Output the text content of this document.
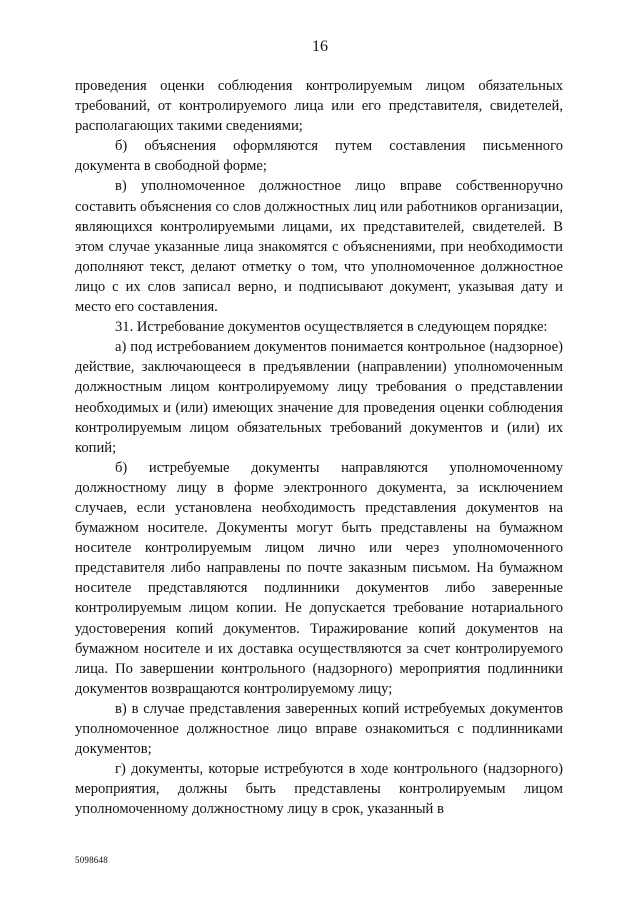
16

проведения оценки соблюдения контролируемым лицом обязательных требований, от контролируемого лица или его представителя, свидетелей, располагающих такими сведениями;

б) объяснения оформляются путем составления письменного документа в свободной форме;

в) уполномоченное должностное лицо вправе собственноручно составить объяснения со слов должностных лиц или работников организации, являющихся контролируемыми лицами, их представителей, свидетелей. В этом случае указанные лица знакомятся с объяснениями, при необходимости дополняют текст, делают отметку о том, что уполномоченное должностное лицо с их слов записал верно, и подписывают документ, указывая дату и место его составления.

31. Истребование документов осуществляется в следующем порядке:

а) под истребованием документов понимается контрольное (надзорное) действие, заключающееся в предъявлении (направлении) уполномоченным должностным лицом контролируемому лицу требования о представлении необходимых и (или) имеющих значение для проведения оценки соблюдения контролируемым лицом обязательных требований документов и (или) их копий;

б) истребуемые документы направляются уполномоченному должностному лицу в форме электронного документа, за исключением случаев, если установлена необходимость представления документов на бумажном носителе. Документы могут быть представлены на бумажном носителе контролируемым лицом лично или через уполномоченного представителя либо направлены по почте заказным письмом. На бумажном носителе представляются подлинники документов либо заверенные контролируемым лицом копии. Не допускается требование нотариального удостоверения копий документов. Тиражирование копий документов на бумажном носителе и их доставка осуществляются за счет контролируемого лица. По завершении контрольного (надзорного) мероприятия подлинники документов возвращаются контролируемому лицу;

в) в случае представления заверенных копий истребуемых документов уполномоченное должностное лицо вправе ознакомиться с подлинниками документов;

г) документы, которые истребуются в ходе контрольного (надзорного) мероприятия, должны быть представлены контролируемым лицом уполномоченному должностному лицу в срок, указанный в

5098648
